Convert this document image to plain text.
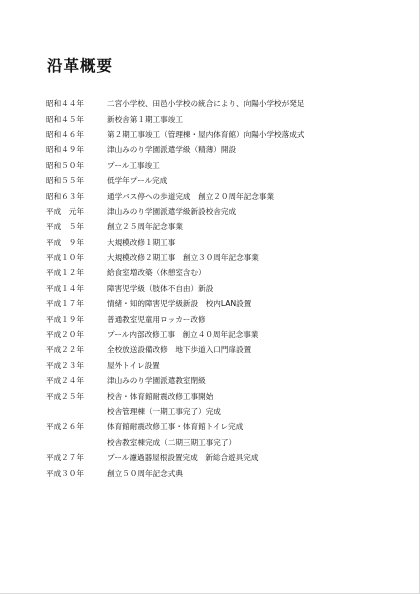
沿革概要
昭和４４年	二宮小学校、田邑小学校の統合により、向陽小学校が発足
昭和４５年	新校舎第１期工事竣工
昭和４６年	第２期工事竣工（管理棟・屋内体育館）向陽小学校落成式
昭和４９年	津山みのり学園派遣学級（精薄）開設
昭和５０年	プール工事竣工
昭和５５年	低学年プール完成
昭和６３年	通学バス停への歩道完成　創立２０周年記念事業
平成　元年	津山みのり学園派遣学級新設校舎完成
平成　５年	創立２５周年記念事業
平成　９年	大規模改修１期工事
平成１０年	大規模改修２期工事　創立３０周年記念事業
平成１２年	給食室増改築（休憩室含む）
平成１４年	障害児学級（肢体不自由）新設
平成１７年	情緒・知的障害児学級新設　校内LAN設置
平成１９年	普通教室児童用ロッカー改修
平成２０年	プール内部改修工事　創立４０周年記念事業
平成２２年	全校放送設備改修　地下歩道入口門扉設置
平成２３年	屋外トイレ設置
平成２４年	津山みのり学園派遣教室閉級
平成２５年	校舎・体育館耐震改修工事開始
校舎管理棟（一期工事完了）完成
平成２６年	体育館耐震改修工事・体育館トイレ完成
校舎教室棟完成（二期三期工事完了）
平成２７年	プール濾過器屋根設置完成　新総合遊具完成
平成３０年	創立５０周年記念式典
